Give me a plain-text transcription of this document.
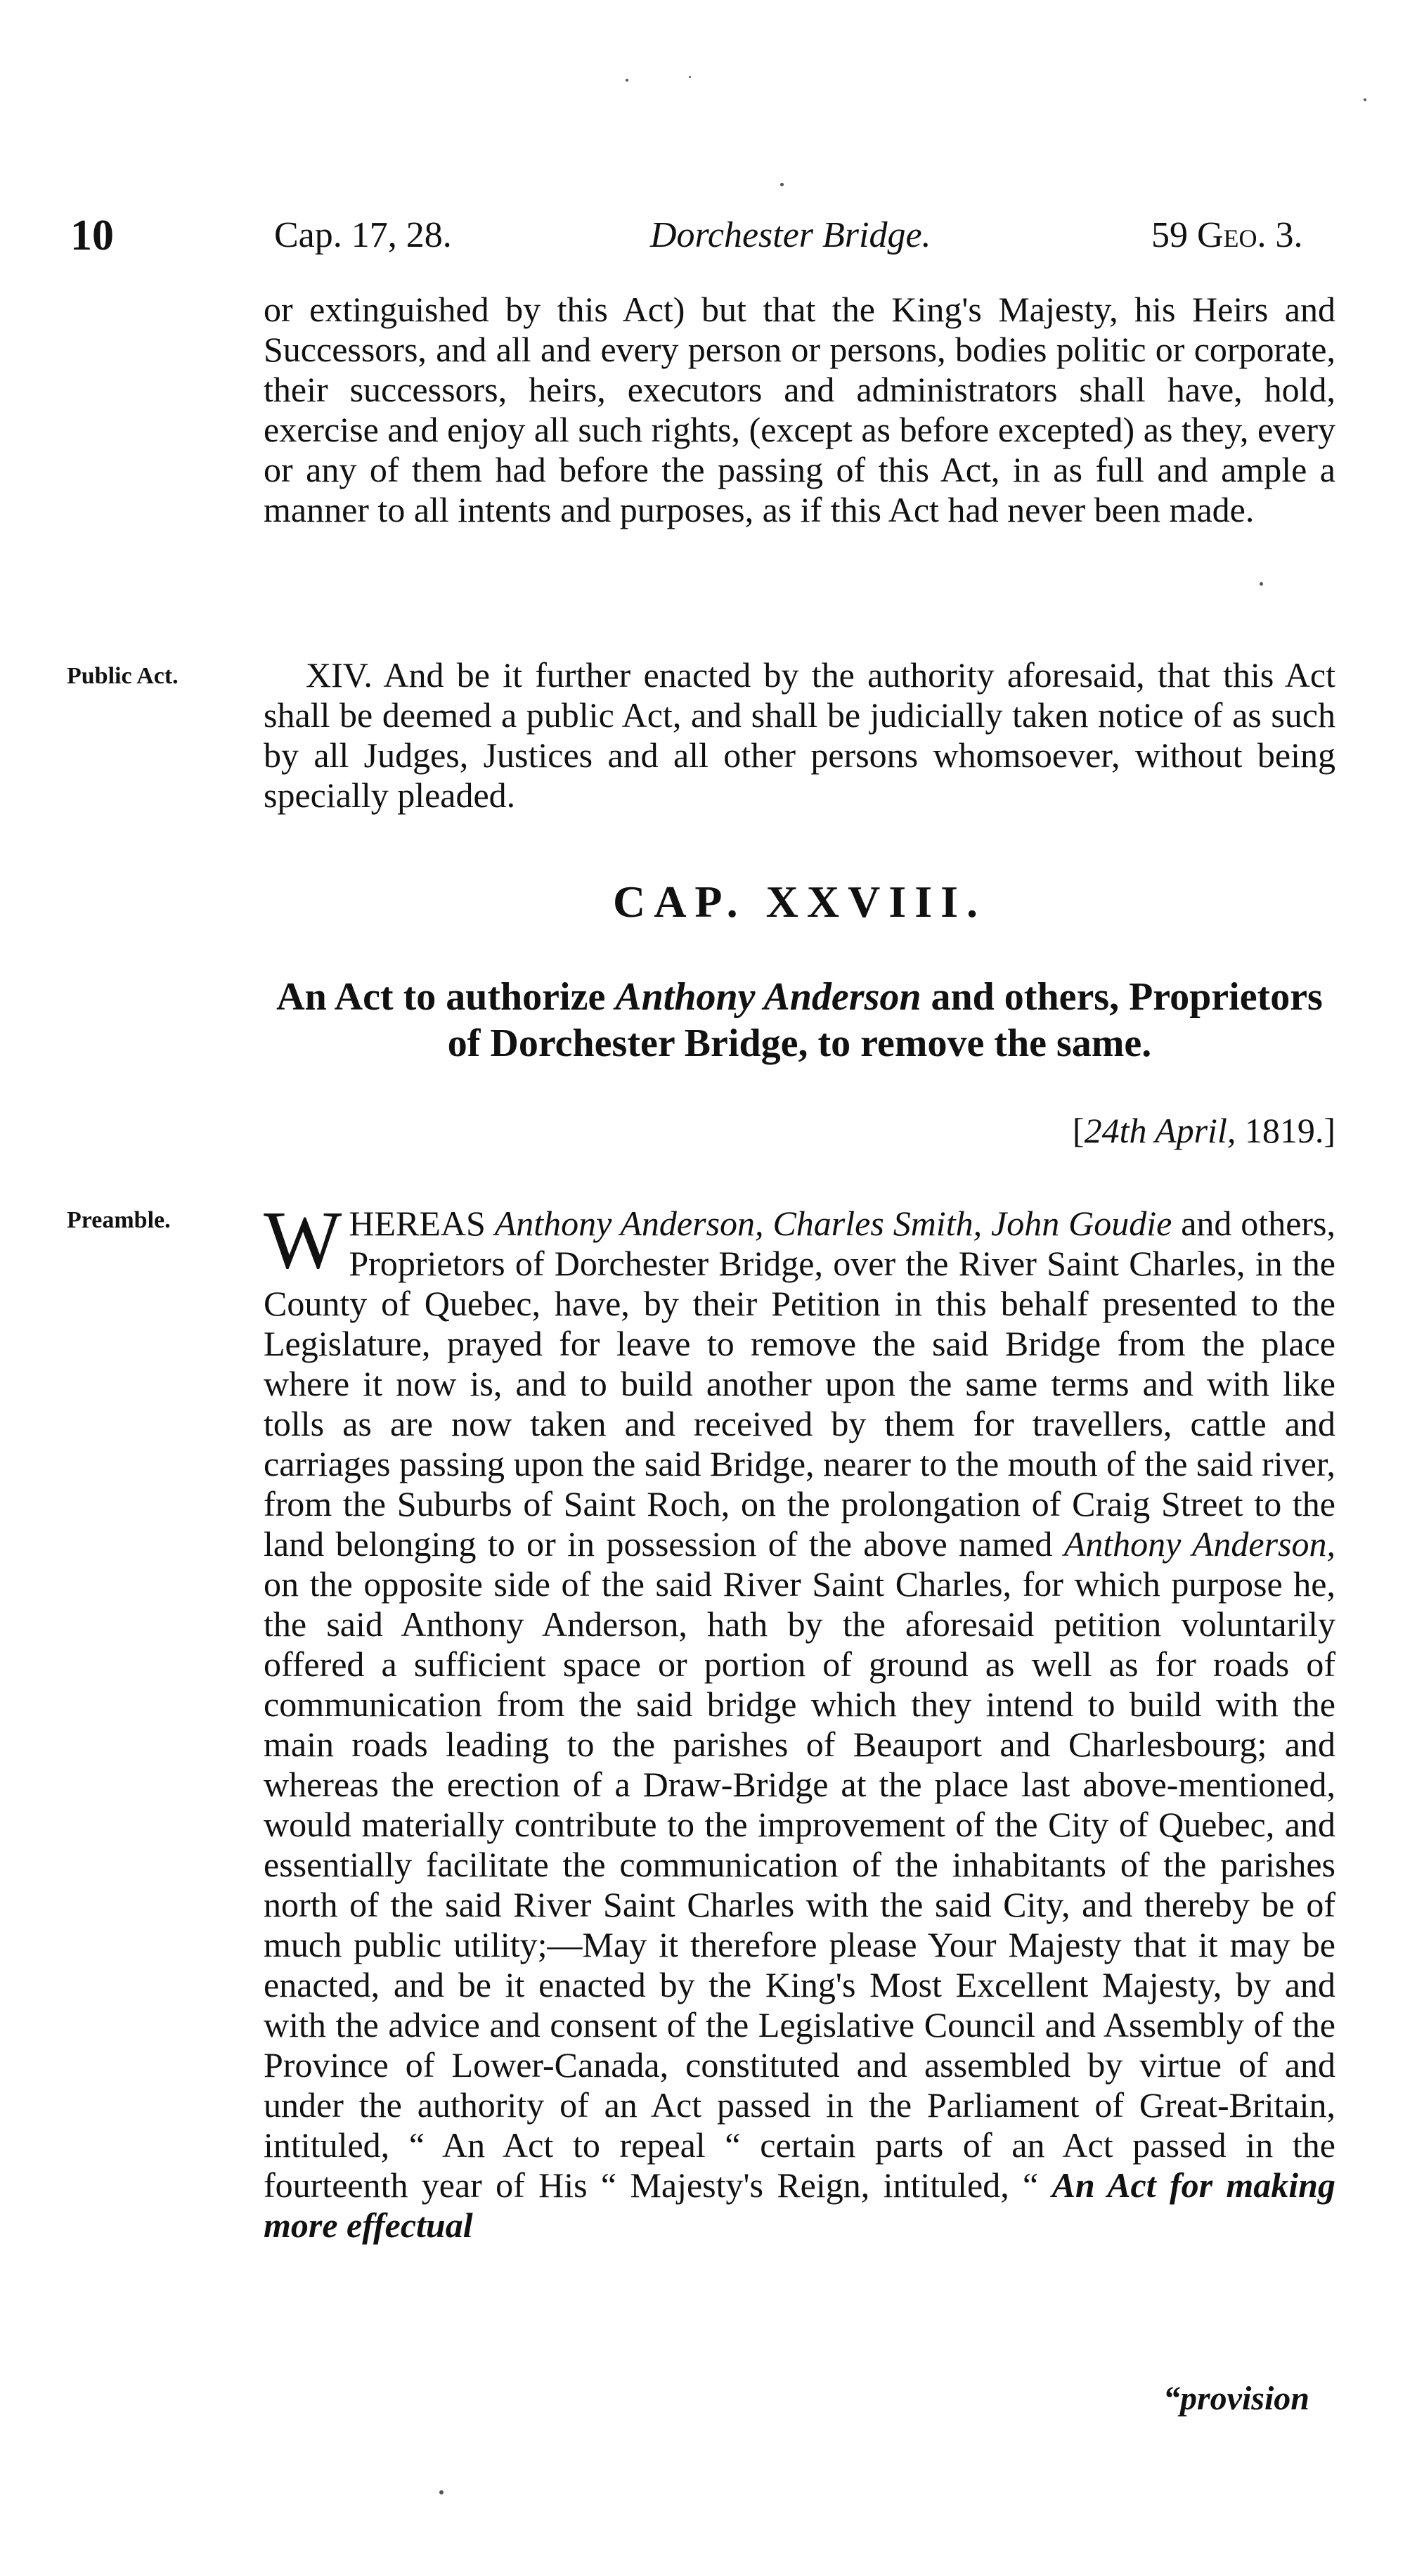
10	Cap. 17, 28.	Dorchester Bridge.	59 Geo. 3.
or extinguished by this Act) but that the King's Majesty, his Heirs and Successors, and all and every person or persons, bodies politic or corporate, their successors, heirs, executors and administrators shall have, hold, exercise and enjoy all such rights, (except as before excepted) as they, every or any of them had before the passing of this Act, in as full and ample a manner to all intents and purposes, as if this Act had never been made.
Public Act.	XIV. And be it further enacted by the authority aforesaid, that this Act shall be deemed a public Act, and shall be judicially taken notice of as such by all Judges, Justices and all other persons whomsoever, without being specially pleaded.
CAP. XXVIII.
An Act to authorize Anthony Anderson and others, Proprietors of Dorchester Bridge, to remove the same.
[24th April, 1819.]
Preamble. WHEREAS Anthony Anderson, Charles Smith, John Goudie and others, Proprietors of Dorchester Bridge, over the River Saint Charles, in the County of Quebec, have, by their Petition in this behalf presented to the Legislature, prayed for leave to remove the said Bridge from the place where it now is, and to build another upon the same terms and with like tolls as are now taken and received by them for travellers, cattle and carriages passing upon the said Bridge, nearer to the mouth of the said river, from the Suburbs of Saint Roch, on the prolongation of Craig Street to the land belonging to or in possession of the above named Anthony Anderson, on the opposite side of the said River Saint Charles, for which purpose he, the said Anthony Anderson, hath by the aforesaid petition voluntarily offered a sufficient space or portion of ground as well as for roads of communication from the said bridge which they intend to build with the main roads leading to the parishes of Beauport and Charlesbourg; and whereas the erection of a Draw-Bridge at the place last above-mentioned, would materially contribute to the improvement of the City of Quebec, and essentially facilitate the communication of the inhabitants of the parishes north of the said River Saint Charles with the said City, and thereby be of much public utility;—May it therefore please Your Majesty that it may be enacted, and be it enacted by the King's Most Excellent Majesty, by and with the advice and consent of the Legislative Council and Assembly of the Province of Lower-Canada, constituted and assembled by virtue of and under the authority of an Act passed in the Parliament of Great-Britain, intituled, “ An Act to repeal “ certain parts of an Act passed in the fourteenth year of His “ Majesty's Reign, intituled, “ An Act for making more effectual
“provision
